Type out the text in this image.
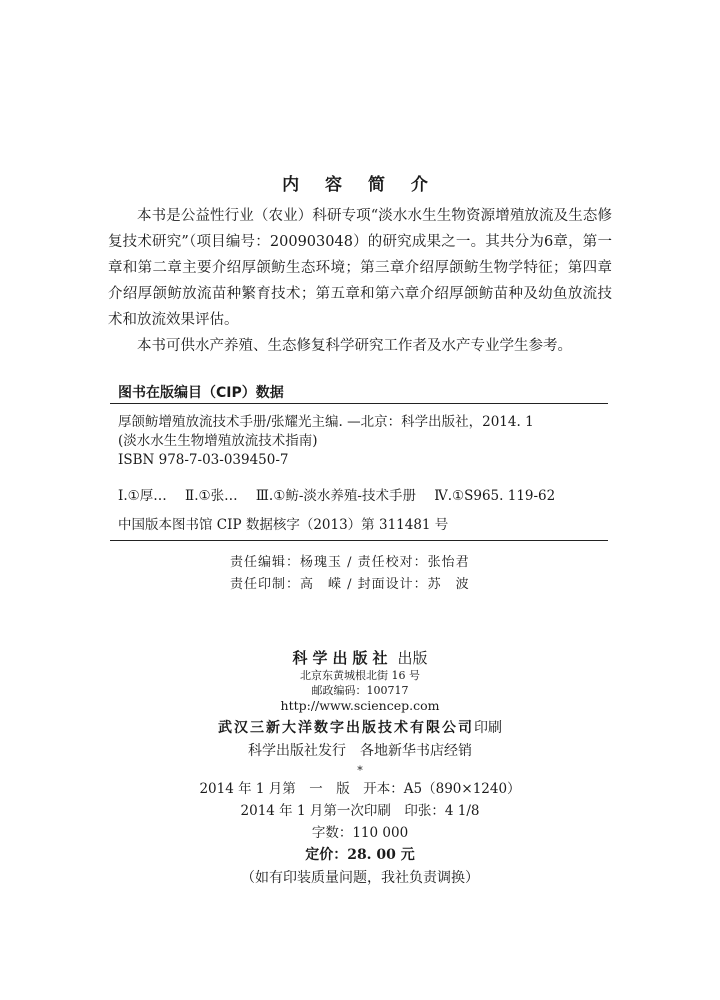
内 容 简 介

本书是公益性行业（农业）科研专项“淡水水生生物资源增殖放流及生态修复技术研究”（项目编号：200903048）的研究成果之一。其共分为6章，第一章和第二章主要介绍厚颌鲂生态环境；第三章介绍厚颌鲂生物学特征；第四章介绍厚颌鲂放流苗种繁育技术；第五章和第六章介绍厚颌鲂苗种及幼鱼放流技术和放流效果评估。

本书可供水产养殖、生态修复科学研究工作者及水产专业学生参考。

图书在版编目（CIP）数据
厚颌鲂增殖放流技术手册/张耀光主编. —北京：科学出版社，2014. 1
(淡水水生生物增殖放流技术指南)
ISBN 978-7-03-039450-7
Ⅰ.①厚… Ⅱ.①张… Ⅲ.①鲂-淡水养殖-技术手册 Ⅳ.①S965. 119-62
中国版本图书馆 CIP 数据核字（2013）第 311481 号
责任编辑：杨瑰玉 / 责任校对：张怡君
责任印制：高　嵘 / 封面设计：苏　波
科学出版社 出版
北京东黄城根北街 16 号
邮政编码：100717
http://www.sciencep.com
武汉三新大洋数字出版技术有限公司印刷
科学出版社发行　各地新华书店经销
*
2014 年 1 月第　一　版　开本：A5（890×1240）
2014 年 1 月第一次印刷　印张：4 1/8
字数：110 000
定价：28. 00 元
（如有印装质量问题，我社负责调换）
